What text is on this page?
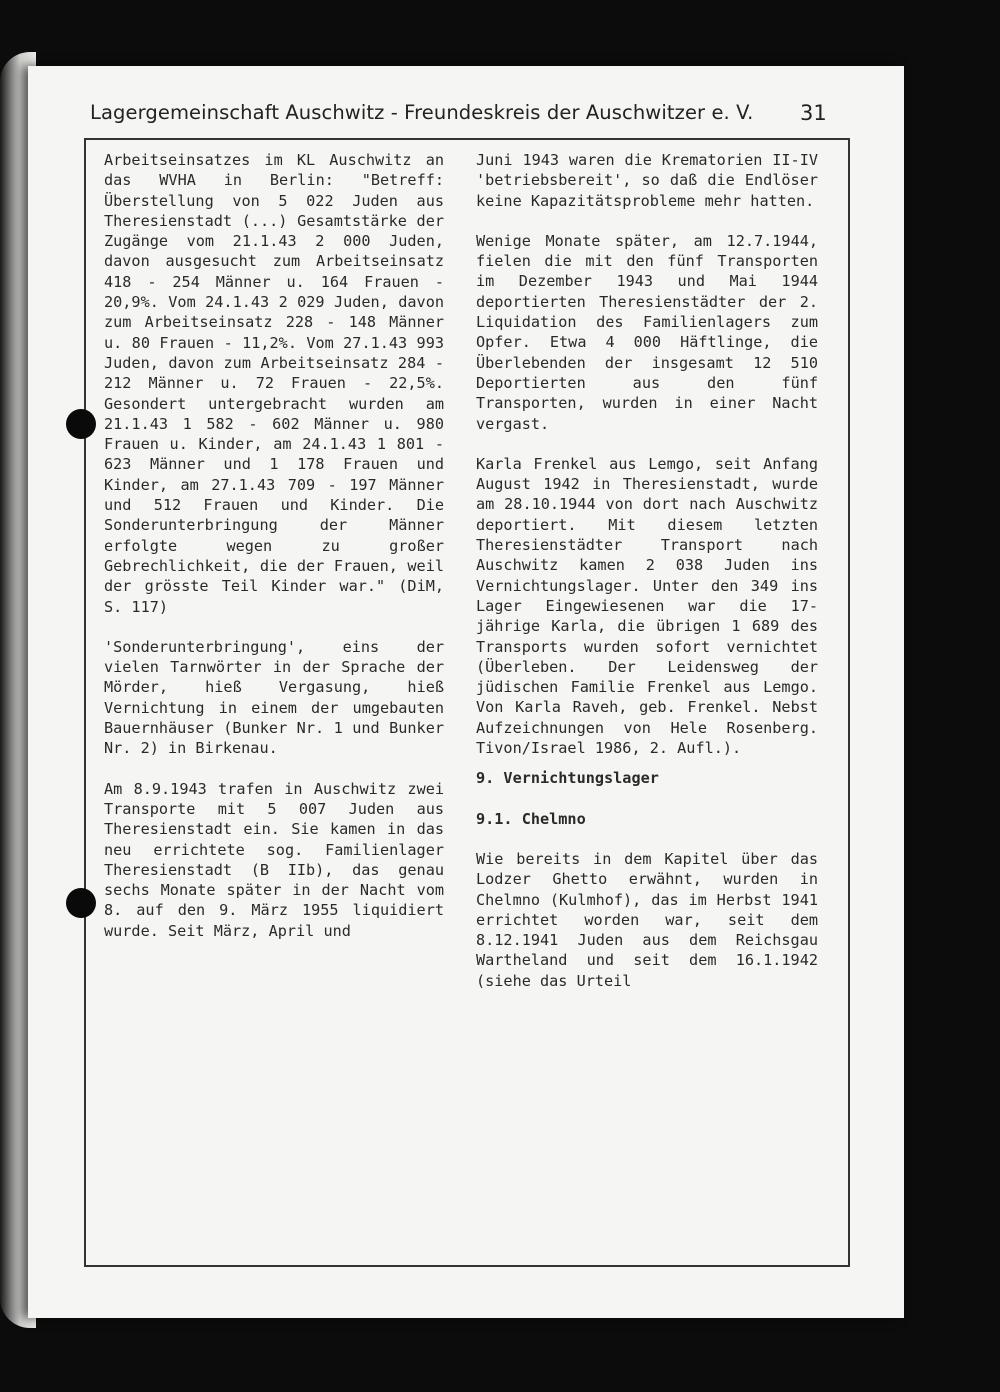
Lagergemeinschaft Auschwitz - Freundeskreis der Auschwitzer e. V.	31

Arbeitseinsatzes im KL Auschwitz an das WVHA in Berlin: "Betreff: Überstellung von 5 022 Juden aus Theresienstadt (...) Gesamtstärke der Zugänge vom 21.1.43 2 000 Juden, davon ausgesucht zum Arbeitseinsatz 418 - 254 Männer u. 164 Frauen - 20,9%. Vom 24.1.43 2 029 Juden, davon zum Arbeitseinsatz 228 - 148 Männer u. 80 Frauen - 11,2%. Vom 27.1.43 993 Juden, davon zum Arbeitseinsatz 284 - 212 Männer u. 72 Frauen - 22,5%. Gesondert untergebracht wurden am 21.1.43 1 582 - 602 Männer u. 980 Frauen u. Kinder, am 24.1.43 1 801 - 623 Männer und 1 178 Frauen und Kinder, am 27.1.43 709 - 197 Männer und 512 Frauen und Kinder. Die Sonderunterbringung der Männer erfolgte wegen zu großer Gebrechlichkeit, die der Frauen, weil der grösste Teil Kinder war." (DiM, S. 117)

'Sonderunterbringung', eins der vielen Tarnwörter in der Sprache der Mörder, hieß Vergasung, hieß Vernichtung in einem der umgebauten Bauernhäuser (Bunker Nr. 1 und Bunker Nr. 2) in Birkenau.

Am 8.9.1943 trafen in Auschwitz zwei Transporte mit 5 007 Juden aus Theresienstadt ein. Sie kamen in das neu errichtete sog. Familienlager Theresienstadt (B IIb), das genau sechs Monate später in der Nacht vom 8. auf den 9. März 1955 liquidiert wurde. Seit März, April und

Juni 1943 waren die Krematorien II-IV 'betriebsbereit', so daß die Endlöser keine Kapazitätsprobleme mehr hatten.

Wenige Monate später, am 12.7.1944, fielen die mit den fünf Transporten im Dezember 1943 und Mai 1944 deportierten Theresienstädter der 2. Liquidation des Familienlagers zum Opfer. Etwa 4 000 Häftlinge, die Überlebenden der insgesamt 12 510 Deportierten aus den fünf Transporten, wurden in einer Nacht vergast.

Karla Frenkel aus Lemgo, seit Anfang August 1942 in Theresienstadt, wurde am 28.10.1944 von dort nach Auschwitz deportiert. Mit diesem letzten Theresienstädter Transport nach Auschwitz kamen 2 038 Juden ins Vernichtungslager. Unter den 349 ins Lager Eingewiesenen war die 17-jährige Karla, die übrigen 1 689 des Transports wurden sofort vernichtet (Überleben. Der Leidensweg der jüdischen Familie Frenkel aus Lemgo. Von Karla Raveh, geb. Frenkel. Nebst Aufzeichnungen von Hele Rosenberg. Tivon/Israel 1986, 2. Aufl.).

9. Vernichtungslager
9.1. Chelmno

Wie bereits in dem Kapitel über das Lodzer Ghetto erwähnt, wurden in Chelmno (Kulmhof), das im Herbst 1941 errichtet worden war, seit dem 8.12.1941 Juden aus dem Reichsgau Wartheland und seit dem 16.1.1942 (siehe das Urteil
